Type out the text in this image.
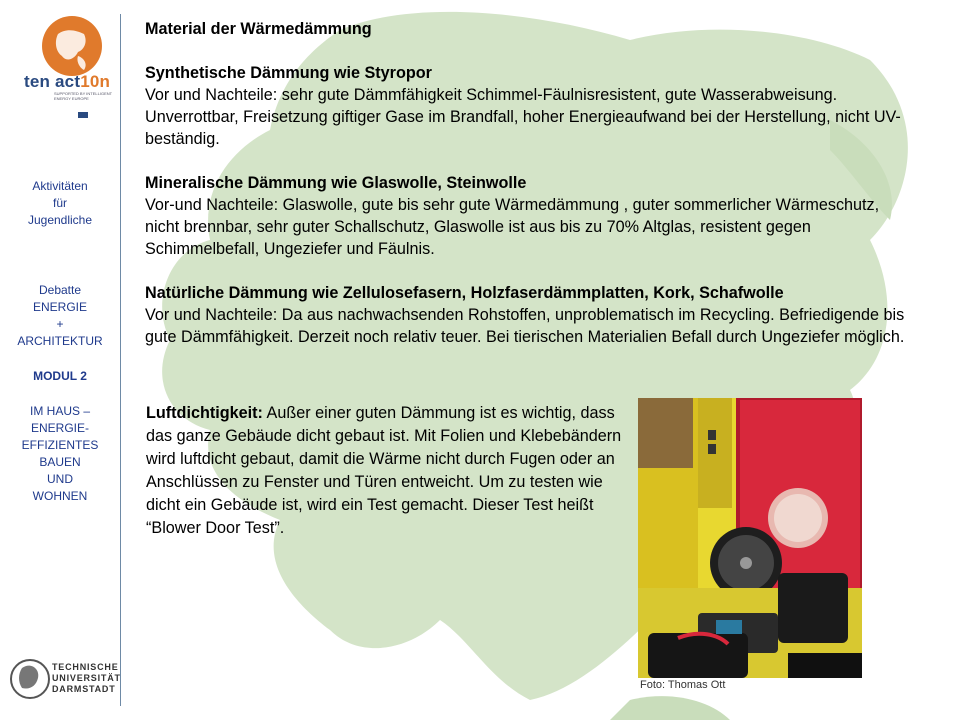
ten act10n
SUPPORTED BY INTELLIGENT ENERGY EUROPE
Aktivitäten
für
Jugendliche
Debatte
ENERGIE
+
ARCHITEKTUR
MODUL 2
IM HAUS –
ENERGIE-
EFFIZIENTES
BAUEN
UND
WOHNEN

Material der Wärmedämmung

Synthetische Dämmung wie Styropor

Vor und Nachteile: sehr gute Dämmfähigkeit Schimmel-Fäulnisresistent, gute Wasserabweisung. Unverrottbar, Freisetzung giftiger Gase im Brandfall, hoher Energieaufwand bei der Herstellung, nicht UV-beständig.

Mineralische Dämmung wie Glaswolle, Steinwolle

Vor-und Nachteile: Glaswolle, gute bis sehr gute Wärmedämmung , guter sommerlicher Wärmeschutz, nicht brennbar, sehr guter Schallschutz, Glaswolle ist aus bis zu 70% Altglas, resistent gegen Schimmelbefall, Ungeziefer und Fäulnis.

Natürliche Dämmung wie Zellulosefasern, Holzfaserdämmplatten, Kork, Schafwolle

Vor und Nachteile: Da aus nachwachsenden Rohstoffen, unproblematisch im Recycling. Befriedigende bis gute Dämmfähigkeit. Derzeit noch relativ teuer. Bei tierischen Materialien Befall durch Ungeziefer möglich.

Luftdichtigkeit: Außer einer guten Dämmung ist es wichtig, dass das ganze Gebäude dicht gebaut ist. Mit Folien und Klebebändern wird luftdicht gebaut, damit die Wärme nicht durch Fugen oder an Anschlüssen zu Fenster und Türen entweicht. Um zu testen wie dicht ein Gebäude ist, wird ein Test gemacht. Dieser Test heißt “Blower Door Test”.
Foto: Thomas Ott
TECHNISCHE
UNIVERSITÄT
DARMSTADT
